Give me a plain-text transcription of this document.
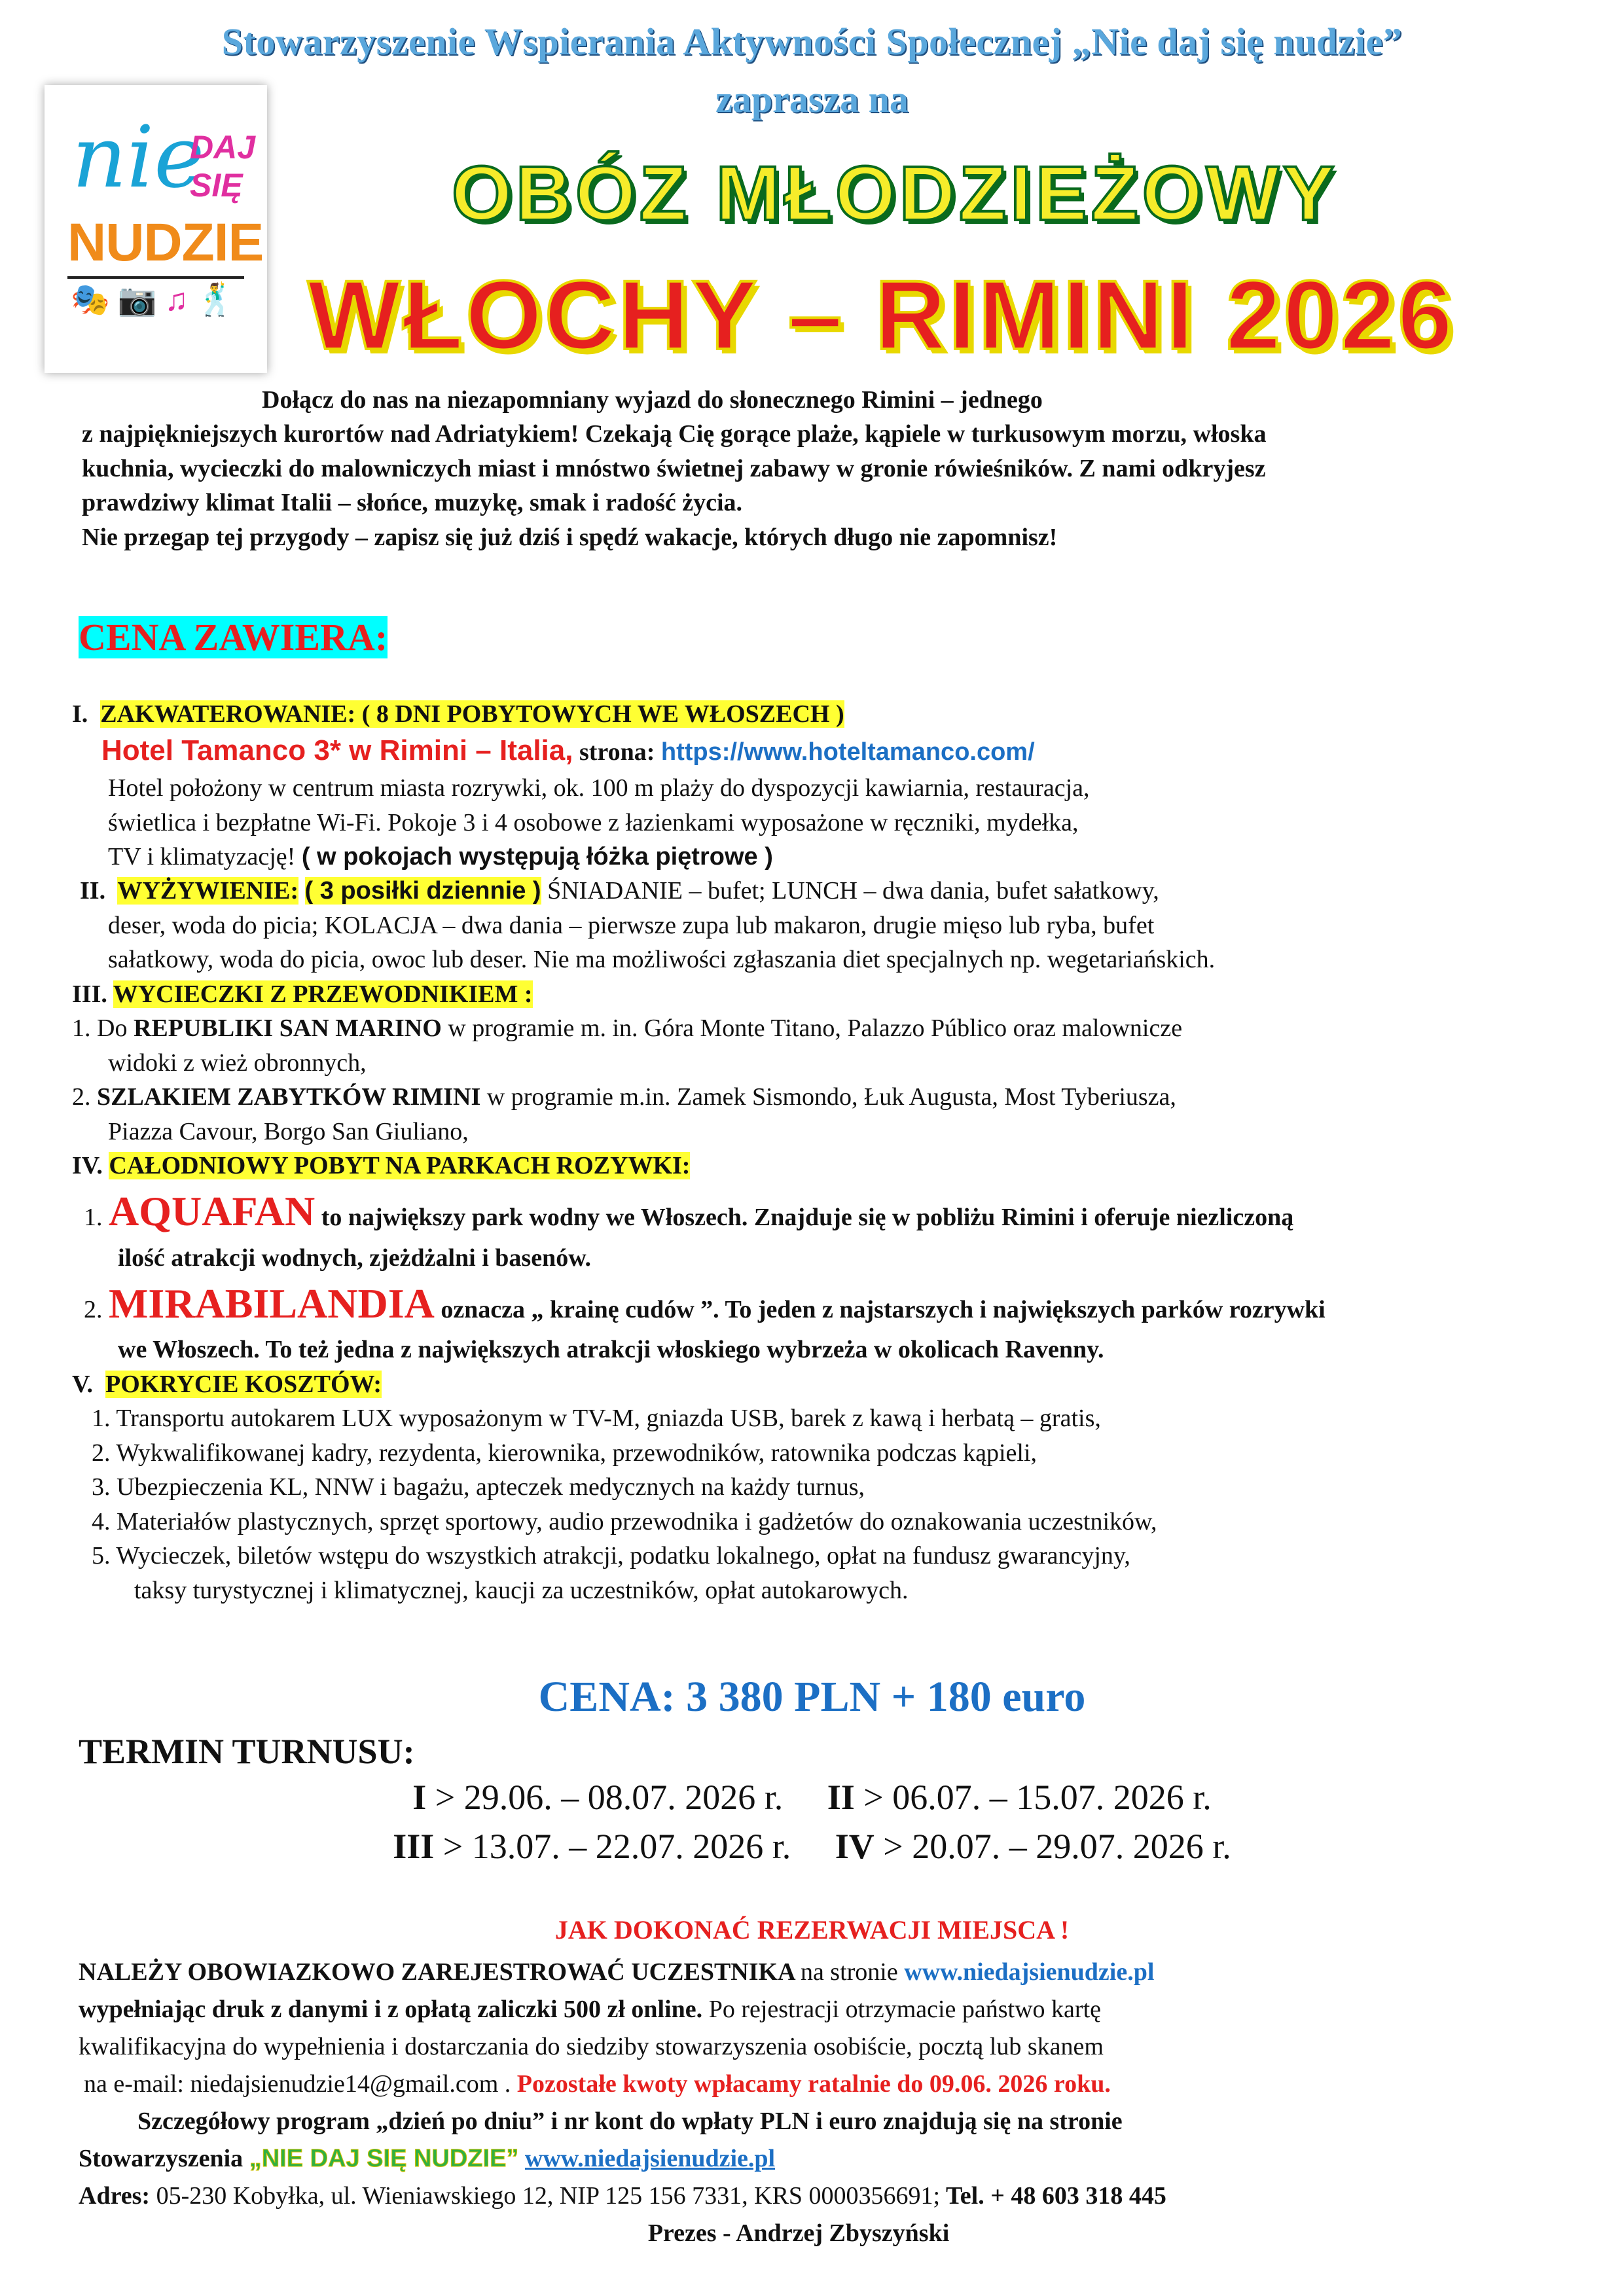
Stowarzyszenie Wspierania Aktywności Społecznej „Nie daj się nudzie”
zaprasza na
nie
DAJ
SIĘ
NUDZIE
🎭 📷 ♫ 🕺
OBÓZ MŁODZIEŻOWY
WŁOCHY – RIMINI 2026
Dołącz do nas na niezapomniany wyjazd do słonecznego Rimini – jednego
z najpiękniejszych kurortów nad Adriatykiem! Czekają Cię gorące plaże, kąpiele w turkusowym morzu, włoska
kuchnia, wycieczki do malowniczych miast i mnóstwo świetnej zabawy w gronie rówieśników. Z nami odkryjesz
prawdziwy klimat Italii – słońce, muzykę, smak i radość życia.
Nie przegap tej przygody – zapisz się już dziś i spędź wakacje, których długo nie zapomnisz!
CENA ZAWIERA:
I. ZAKWATEROWANIE: ( 8 DNI POBYTOWYCH WE WŁOSZECH )
Hotel Tamanco 3* w Rimini – Italia, strona: https://www.hoteltamanco.com/
Hotel położony w centrum miasta rozrywki, ok. 100 m plaży do dyspozycji kawiarnia, restauracja,
świetlica i bezpłatne Wi-Fi. Pokoje 3 i 4 osobowe z łazienkami wyposażone w ręczniki, mydełka,
TV i klimatyzację! ( w pokojach występują łóżka piętrowe )
II. WYŻYWIENIE: ( 3 posiłki dziennie ) ŚNIADANIE – bufet; LUNCH – dwa dania, bufet sałatkowy,
deser, woda do picia; KOLACJA – dwa dania – pierwsze zupa lub makaron, drugie mięso lub ryba, bufet
sałatkowy, woda do picia, owoc lub deser. Nie ma możliwości zgłaszania diet specjalnych np. wegetariańskich.
III. WYCIECZKI Z PRZEWODNIKIEM :
1. Do REPUBLIKI SAN MARINO w programie m. in. Góra Monte Titano, Palazzo Público oraz malownicze
widoki z wież obronnych,
2. SZLAKIEM ZABYTKÓW RIMINI w programie m.in. Zamek Sismondo, Łuk Augusta, Most Tyberiusza,
Piazza Cavour, Borgo San Giuliano,
IV. CAŁODNIOWY POBYT NA PARKACH ROZYWKI:
1. AQUAFAN to największy park wodny we Włoszech. Znajduje się w pobliżu Rimini i oferuje niezliczoną
ilość atrakcji wodnych, zjeżdżalni i basenów.
2. MIRABILANDIA oznacza „ krainę cudów ”. To jeden z najstarszych i największych parków rozrywki
we Włoszech. To też jedna z największych atrakcji włoskiego wybrzeża w okolicach Ravenny.
V. POKRYCIE KOSZTÓW:
1. Transportu autokarem LUX wyposażonym w TV-M, gniazda USB, barek z kawą i herbatą – gratis,
2. Wykwalifikowanej kadry, rezydenta, kierownika, przewodników, ratownika podczas kąpieli,
3. Ubezpieczenia KL, NNW i bagażu, apteczek medycznych na każdy turnus,
4. Materiałów plastycznych, sprzęt sportowy, audio przewodnika i gadżetów do oznakowania uczestników,
5. Wycieczek, biletów wstępu do wszystkich atrakcji, podatku lokalnego, opłat na fundusz gwarancyjny,
taksy turystycznej i klimatycznej, kaucji za uczestników, opłat autokarowych.
CENA: 3 380 PLN + 180 euro
TERMIN TURNUSU:
I > 29.06. – 08.07. 2026 r. II > 06.07. – 15.07. 2026 r.
III > 13.07. – 22.07. 2026 r. IV > 20.07. – 29.07. 2026 r.
JAK DOKONAĆ REZERWACJI MIEJSCA !
NALEŻY OBOWIAZKOWO ZAREJESTROWAĆ UCZESTNIKA na stronie www.niedajsienudzie.pl
wypełniając druk z danymi i z opłatą zaliczki 500 zł online. Po rejestracji otrzymacie państwo kartę
kwalifikacyjna do wypełnienia i dostarczania do siedziby stowarzyszenia osobiście, pocztą lub skanem
na e-mail: niedajsienudzie14@gmail.com . Pozostałe kwoty wpłacamy ratalnie do 09.06. 2026 roku.
Szczegółowy program „dzień po dniu” i nr kont do wpłaty PLN i euro znajdują się na stronie
Stowarzyszenia „NIE DAJ SIĘ NUDZIE” www.niedajsienudzie.pl
Adres: 05-230 Kobyłka, ul. Wieniawskiego 12, NIP 125 156 7331, KRS 0000356691; Tel. + 48 603 318 445
Prezes - Andrzej Zbyszyński
